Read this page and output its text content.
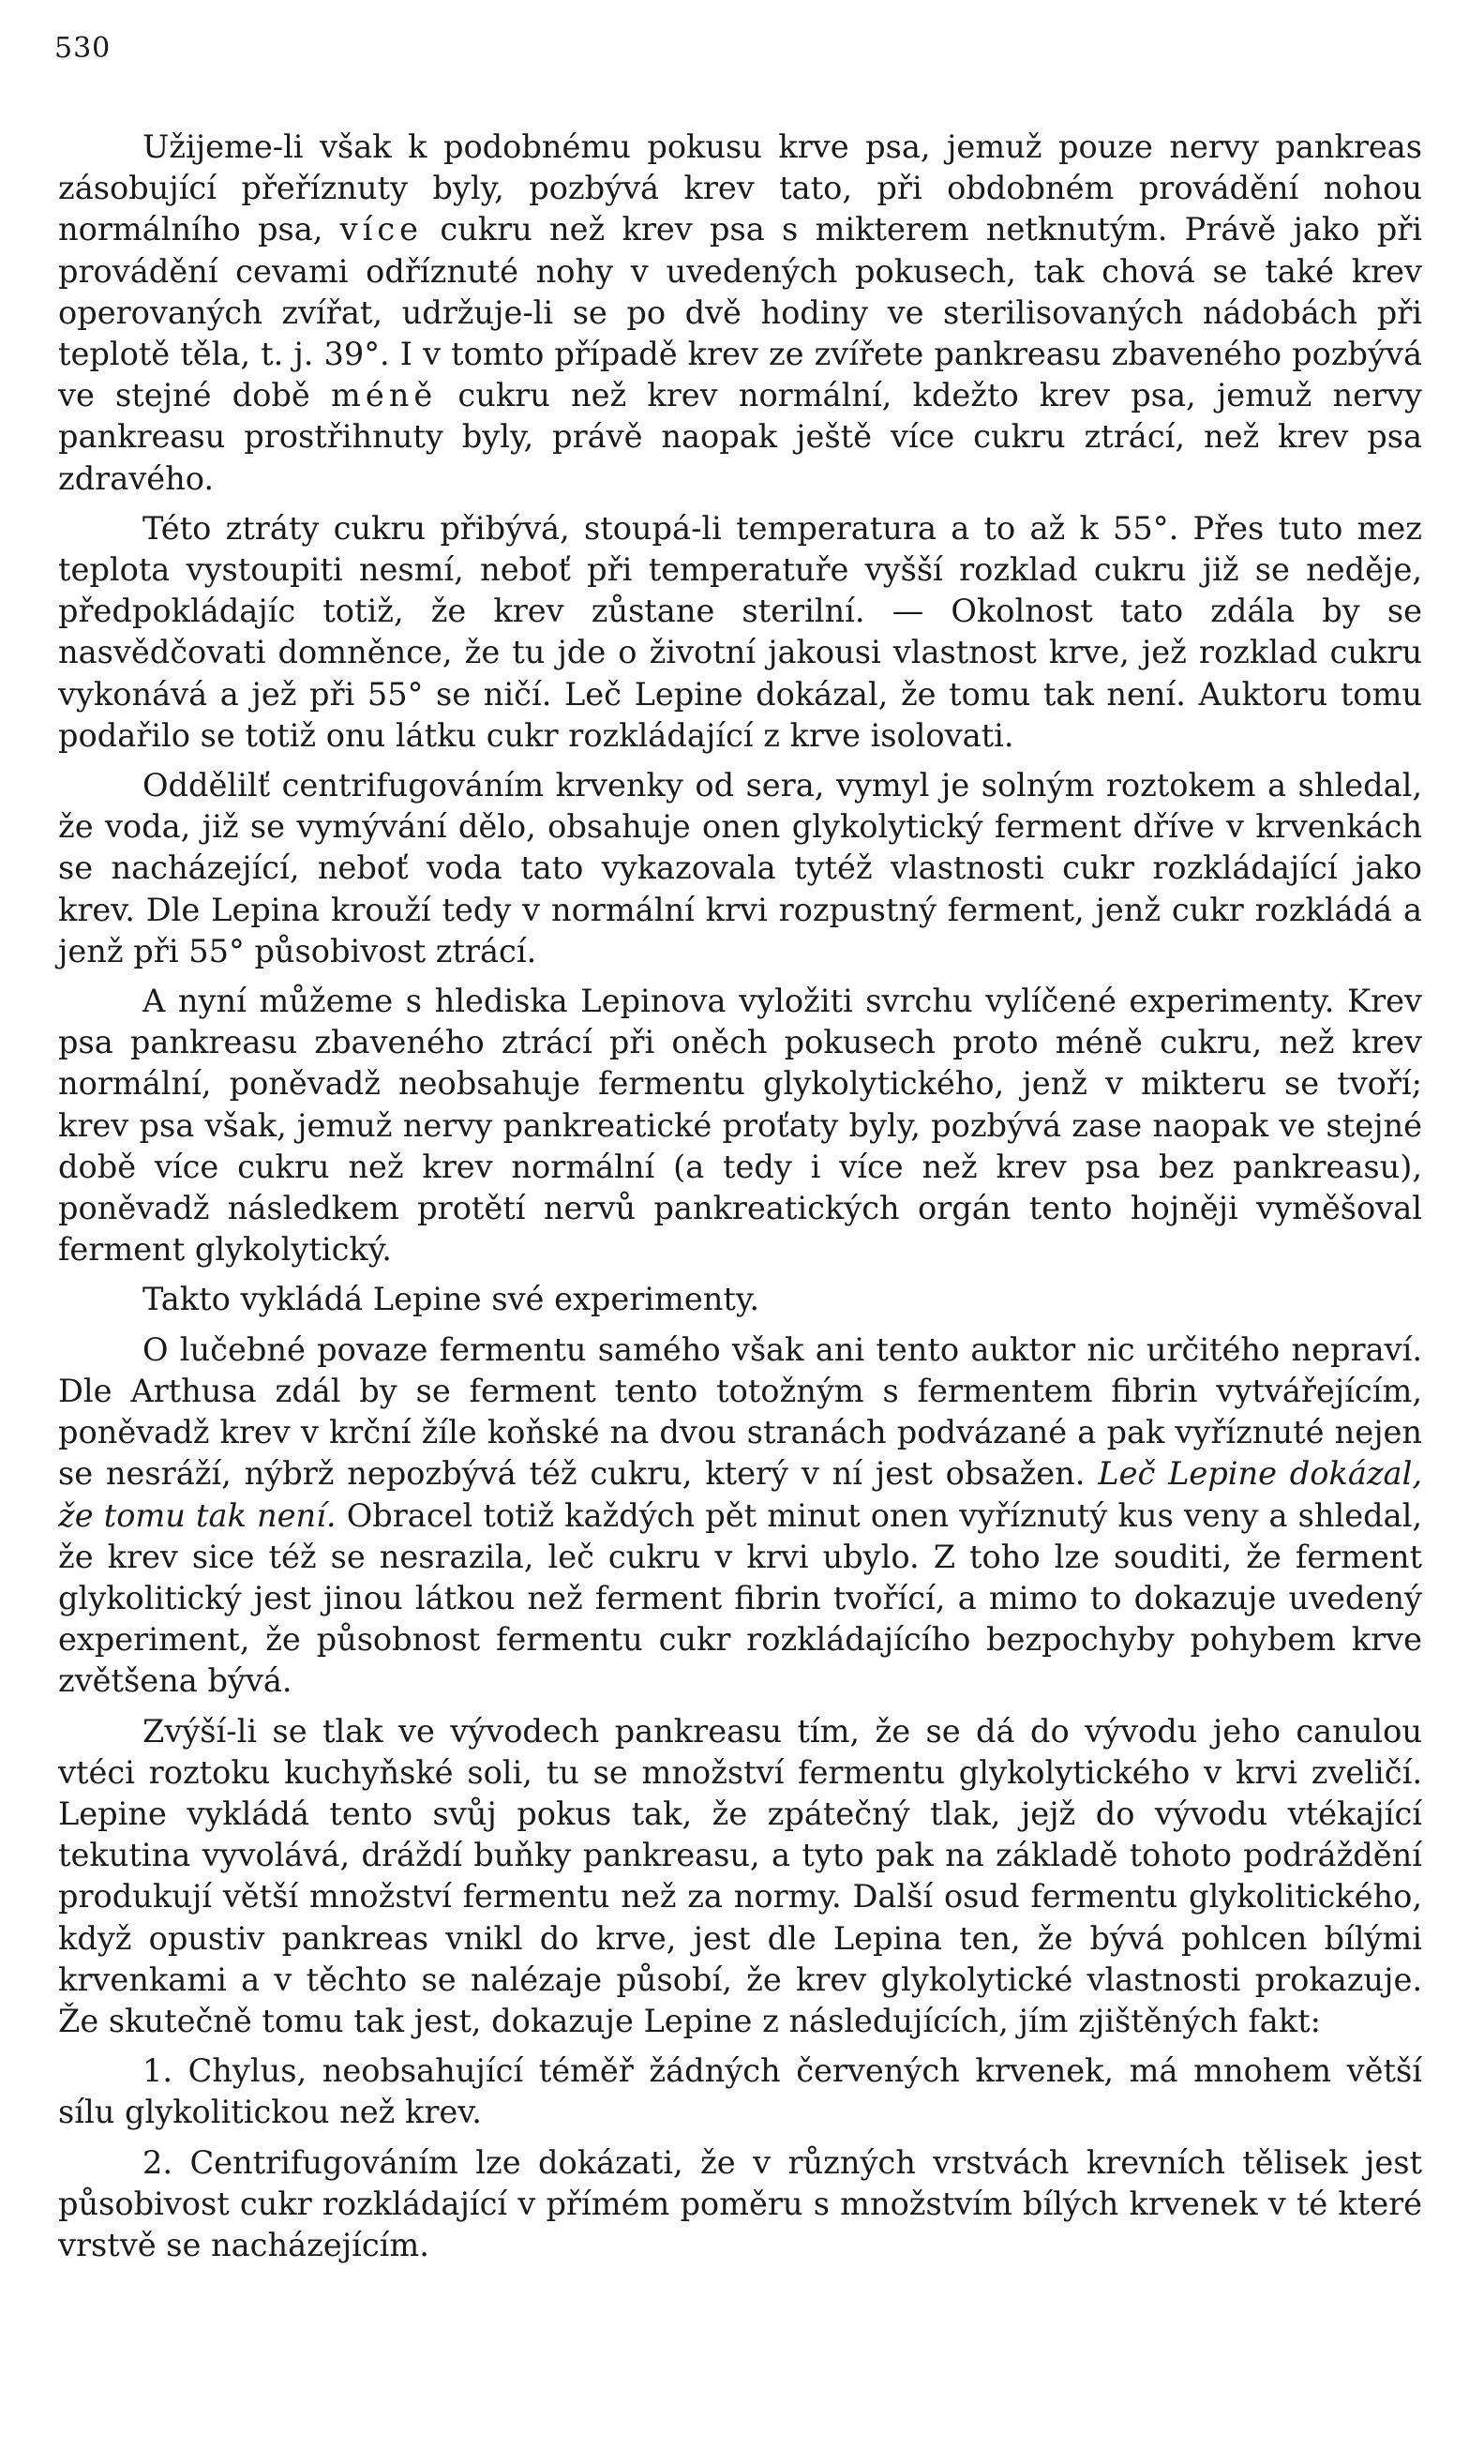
530

Užijeme-li však k podobnému pokusu krve psa, jemuž pouze nervy pankreas zásobující přeříznuty byly, pozbývá krev tato, při obdobném provádění nohou normálního psa, více cukru než krev psa s mikterem netknutým. Právě jako při provádění cevami odříznuté nohy v uvedených pokusech, tak chová se také krev operovaných zvířat, udržuje-li se po dvě hodiny ve sterilisovaných nádobách při teplotě těla, t. j. 39°. I v tomto případě krev ze zvířete pankreasu zbaveného pozbývá ve stejné době méně cukru než krev normální, kdežto krev psa, jemuž nervy pankreasu prostřihnuty byly, právě naopak ještě více cukru ztrácí, než krev psa zdravého.

Této ztráty cukru přibývá, stoupá-li temperatura a to až k 55°. Přes tuto mez teplota vystoupiti nesmí, neboť při temperatuře vyšší rozklad cukru již se neděje, předpokládajíc totiž, že krev zůstane sterilní. — Okolnost tato zdála by se nasvědčovati domněnce, že tu jde o životní jakousi vlastnost krve, jež rozklad cukru vykonává a jež při 55° se ničí. Leč Lepine dokázal, že tomu tak není. Auktoru tomu podařilo se totiž onu látku cukr rozkládající z krve isolovati.

Oddělilť centrifugováním krvenky od sera, vymyl je solným roztokem a shledal, že voda, již se vymývání dělo, obsahuje onen glykolytický ferment dříve v krvenkách se nacházející, neboť voda tato vykazovala tytéž vlastnosti cukr rozkládající jako krev. Dle Lepina krouží tedy v normální krvi rozpustný ferment, jenž cukr rozkládá a jenž při 55° působivost ztrácí.

A nyní můžeme s hlediska Lepinova vyložiti svrchu vylíčené experimenty. Krev psa pankreasu zbaveného ztrácí při oněch pokusech proto méně cukru, než krev normální, poněvadž neobsahuje fermentu glykolytického, jenž v mikteru se tvoří; krev psa však, jemuž nervy pankreatické proťaty byly, pozbývá zase naopak ve stejné době více cukru než krev normální (a tedy i více než krev psa bez pankreasu), poněvadž následkem protětí nervů pankreatických orgán tento hojněji vyměšoval ferment glykolytický.

Takto vykládá Lepine své experimenty.

O lučebné povaze fermentu samého však ani tento auktor nic určitého nepraví. Dle Arthusa zdál by se ferment tento totožným s fermentem fibrin vytvářejícím, poněvadž krev v krční žíle koňské na dvou stranách podvázané a pak vyříznuté nejen se nesráží, nýbrž nepozbývá též cukru, který v ní jest obsažen. Leč Lepine dokázal, že tomu tak není. Obracel totiž každých pět minut onen vyříznutý kus veny a shledal, že krev sice též se nesrazila, leč cukru v krvi ubylo. Z toho lze souditi, že ferment glykolitický jest jinou látkou než ferment fibrin tvořící, a mimo to dokazuje uvedený experiment, že působnost fermentu cukr rozkládajícího bezpochyby pohybem krve zvětšena bývá.

Zvýší-li se tlak ve vývodech pankreasu tím, že se dá do vývodu jeho canulou vtéci roztoku kuchyňské soli, tu se množství fermentu glykolytického v krvi zveličí. Lepine vykládá tento svůj pokus tak, že zpátečný tlak, jejž do vývodu vtékající tekutina vyvolává, dráždí buňky pankreasu, a tyto pak na základě tohoto podráždění produkují větší množství fermentu než za normy. Další osud fermentu glykolitického, když opustiv pankreas vnikl do krve, jest dle Lepina ten, že bývá pohlcen bílými krvenkami a v těchto se nalézaje působí, že krev glykolytické vlastnosti prokazuje. Že skutečně tomu tak jest, dokazuje Lepine z následujících, jím zjištěných fakt:

1. Chylus, neobsahující téměř žádných červených krvenek, má mnohem větší sílu glykolitickou než krev.

2. Centrifugováním lze dokázati, že v různých vrstvách krevních tělisek jest působivost cukr rozkládající v přímém poměru s množstvím bílých krvenek v té které vrstvě se nacházejícím.
